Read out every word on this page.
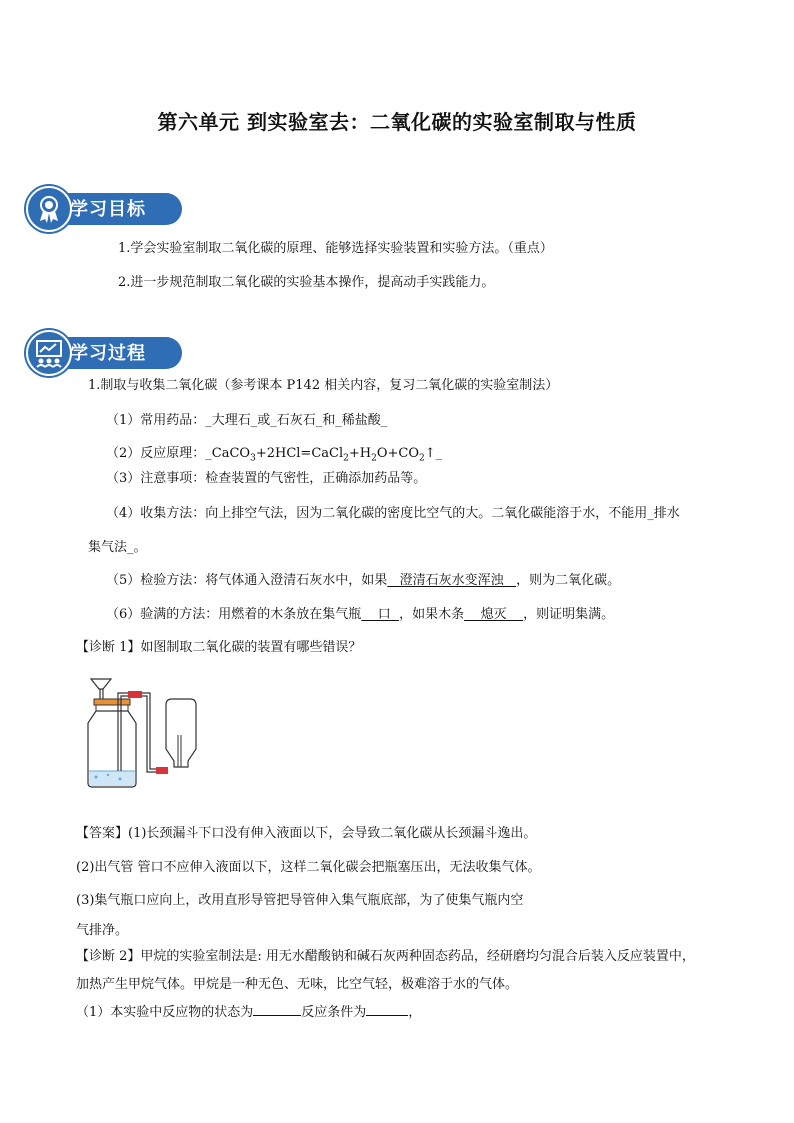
第六单元 到实验室去：二氧化碳的实验室制取与性质
学习目标
1.学会实验室制取二氧化碳的原理、能够选择实验装置和实验方法。（重点）
2.进一步规范制取二氧化碳的实验基本操作，提高动手实践能力。
学习过程
1.制取与收集二氧化碳（参考课本 P142 相关内容，复习二氧化碳的实验室制法）
（1）常用药品：_大理石_或_石灰石_和_稀盐酸_
（2）反应原理：$\_CaCO_3+2HCl=CaCl_2+H_2O+CO_2↑\_$
（3）注意事项：检查装置的气密性，正确添加药品等。
（4）收集方法：向上排空气法，因为二氧化碳的密度比空气的大。二氧化碳能溶于水，不能用_排水
集气法_。
（5）检验方法：将气体通入澄清石灰水中，如果   澄清石灰水变浑浊   ，则为二氧化碳。
（6）验满的方法：用燃着的木条放在集气瓶    口  ，如果木条    熄灭    ，则证明集满。
【诊断 1】如图制取二氧化碳的装置有哪些错误？
【答案】(1)长颈漏斗下口没有伸入液面以下，会导致二氧化碳从长颈漏斗逸出。
(2)出气管 管口不应伸入液面以下，这样二氧化碳会把瓶塞压出，无法收集气体。
(3)集气瓶口应向上，改用直形导管把导管伸入集气瓶底部，为了使集气瓶内空
气排净。
【诊断 2】甲烷的实验室制法是: 用无水醋酸钠和碱石灰两种固态药品，经研磨均匀混合后装入反应装置中，
加热产生甲烷气体。甲烷是一种无色、无味，比空气轻，极难溶于水的气体。
（1）本实验中反应物的状态为	反应条件为	，
